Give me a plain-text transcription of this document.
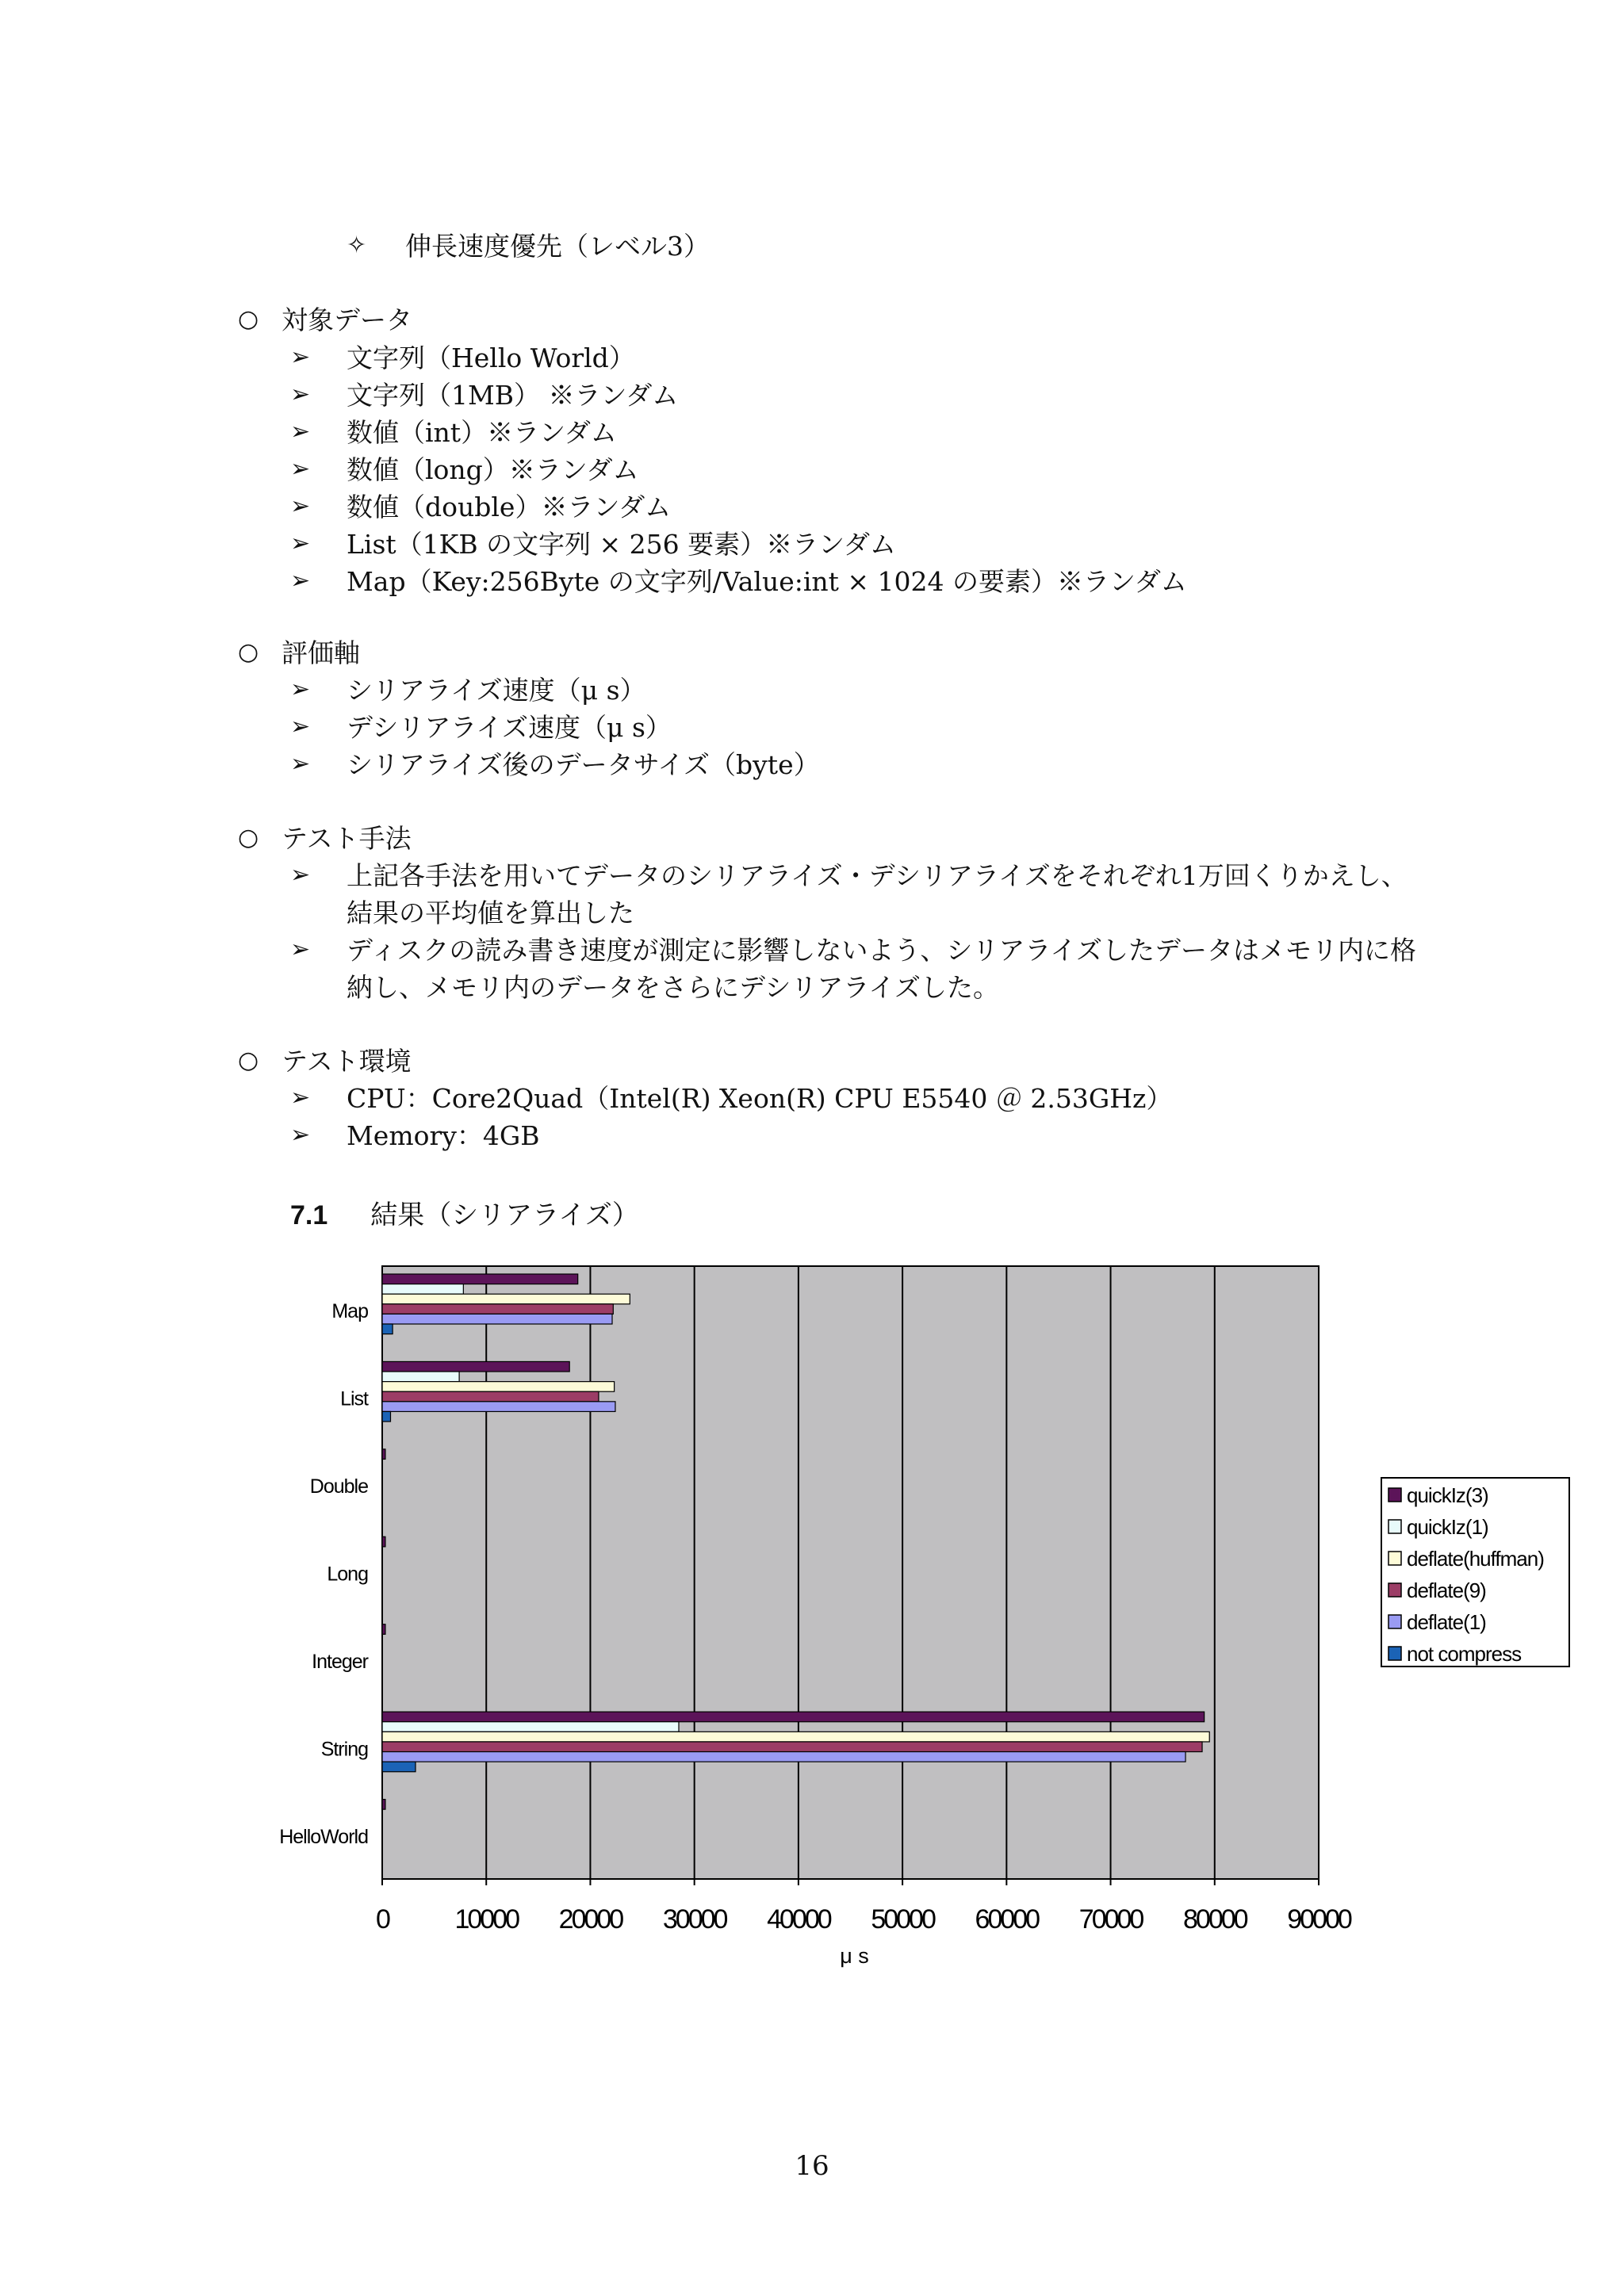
✧ 伸長速度優先（レベル3）
○ 対象データ
➢ 文字列（Hello World）
➢ 文字列（1MB） ※ランダム
➢ 数値（int）※ランダム
➢ 数値（long）※ランダム
➢ 数値（double）※ランダム
➢ List（1KB の文字列 × 256 要素）※ランダム
➢ Map（Key:256Byte の文字列/Value:int × 1024 の要素）※ランダム
○ 評価軸
➢ シリアライズ速度（μ s）
➢ デシリアライズ速度（μ s）
➢ シリアライズ後のデータサイズ（byte）
○ テスト手法
➢ 上記各手法を用いてデータのシリアライズ・デシリアライズをそれぞれ1万回くりかえし、
結果の平均値を算出した
➢ ディスクの読み書き速度が測定に影響しないよう、シリアライズしたデータはメモリ内に格
納し、メモリ内のデータをさらにデシリアライズした。
○ テスト環境
➢ CPU：Core2Quad（Intel(R) Xeon(R) CPU E5540 ＠ 2.53GHz）
➢ Memory：4GB
7.1 結果（シリアライズ）
HelloWorld
String
Integer
Long
Double
List
Map
0 10000 20000 30000 40000 50000 60000 70000 80000 90000
μ s
quickIz(3)
quickIz(1)
deflate(huffman)
deflate(9)
deflate(1)
not compress
16
